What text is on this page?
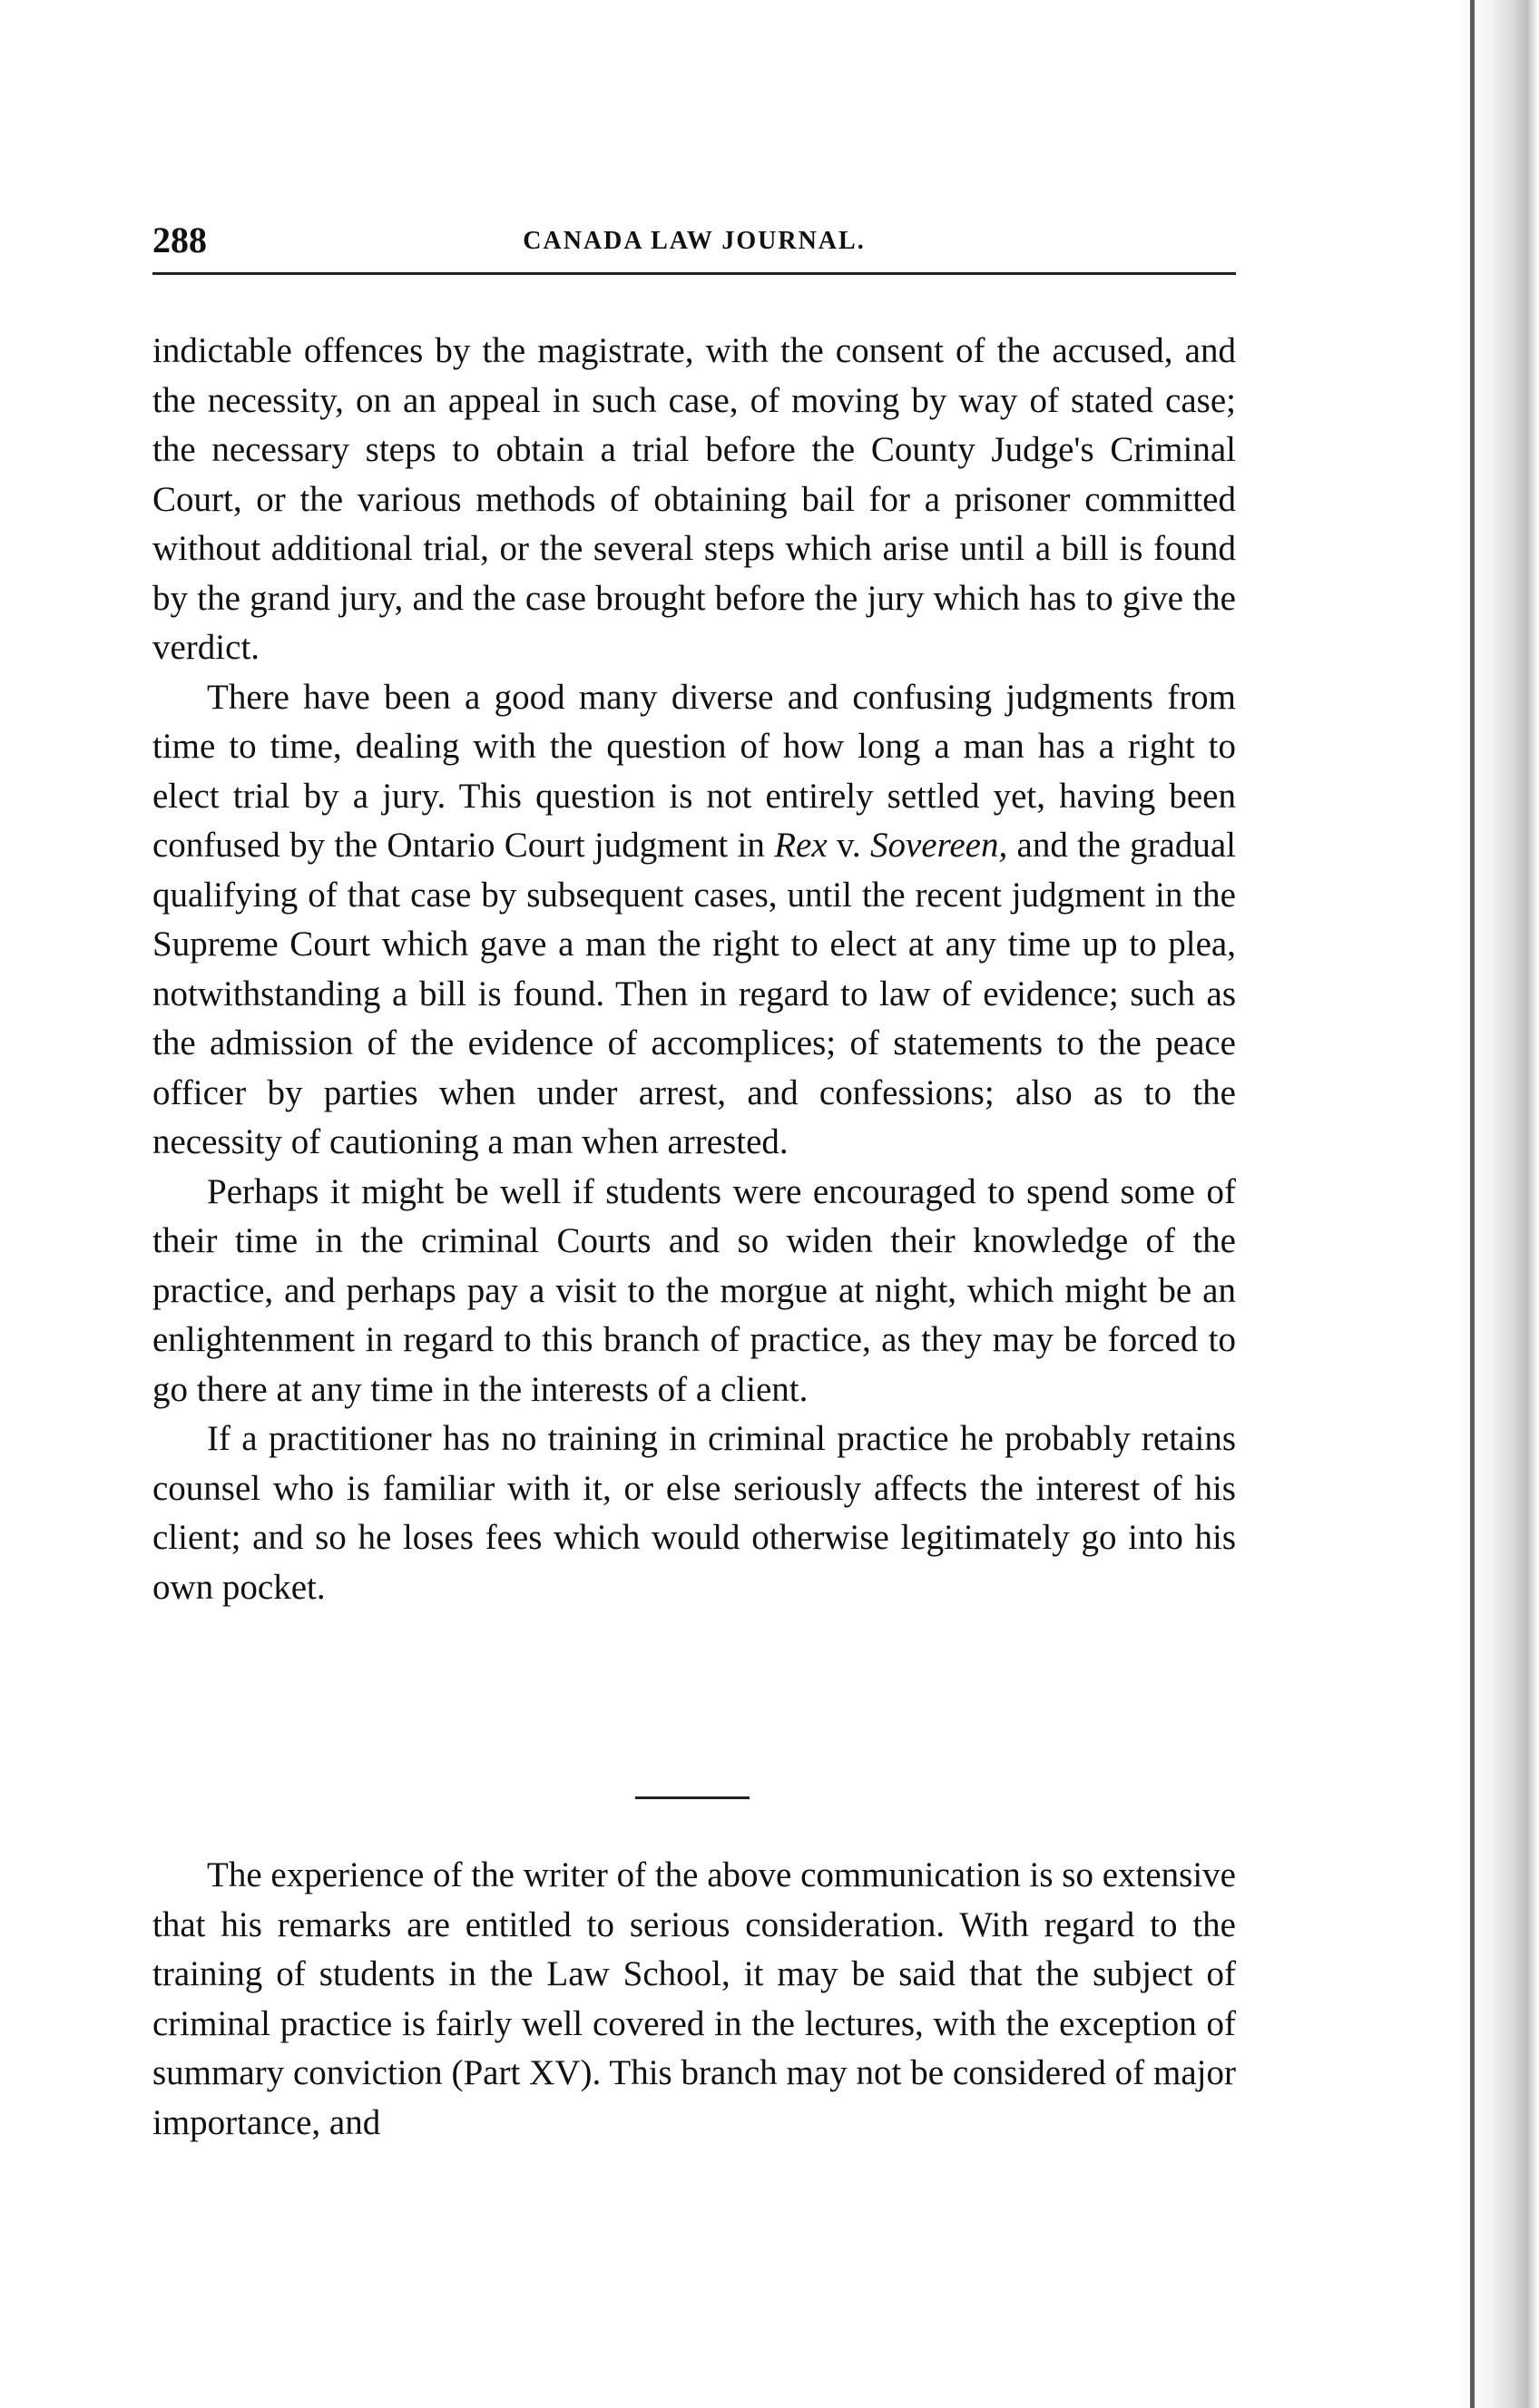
288	CANADA LAW JOURNAL.

indictable offences by the magistrate, with the consent of the accused, and the necessity, on an appeal in such case, of moving by way of stated case; the necessary steps to obtain a trial before the County Judge's Criminal Court, or the various methods of obtaining bail for a prisoner committed without additional trial, or the several steps which arise until a bill is found by the grand jury, and the case brought before the jury which has to give the verdict.

There have been a good many diverse and confusing judgments from time to time, dealing with the question of how long a man has a right to elect trial by a jury. This question is not entirely settled yet, having been confused by the Ontario Court judgment in Rex v. Sovereen, and the gradual qualifying of that case by subsequent cases, until the recent judgment in the Supreme Court which gave a man the right to elect at any time up to plea, notwithstanding a bill is found. Then in regard to law of evidence; such as the admission of the evidence of accomplices; of statements to the peace officer by parties when under arrest, and confessions; also as to the necessity of cautioning a man when arrested.

Perhaps it might be well if students were encouraged to spend some of their time in the criminal Courts and so widen their knowledge of the practice, and perhaps pay a visit to the morgue at night, which might be an enlightenment in regard to this branch of practice, as they may be forced to go there at any time in the interests of a client.

If a practitioner has no training in criminal practice he probably retains counsel who is familiar with it, or else seriously affects the interest of his client; and so he loses fees which would otherwise legitimately go into his own pocket.

The experience of the writer of the above communication is so extensive that his remarks are entitled to serious consideration. With regard to the training of students in the Law School, it may be said that the subject of criminal practice is fairly well covered in the lectures, with the exception of summary conviction (Part XV). This branch may not be considered of major importance, and
